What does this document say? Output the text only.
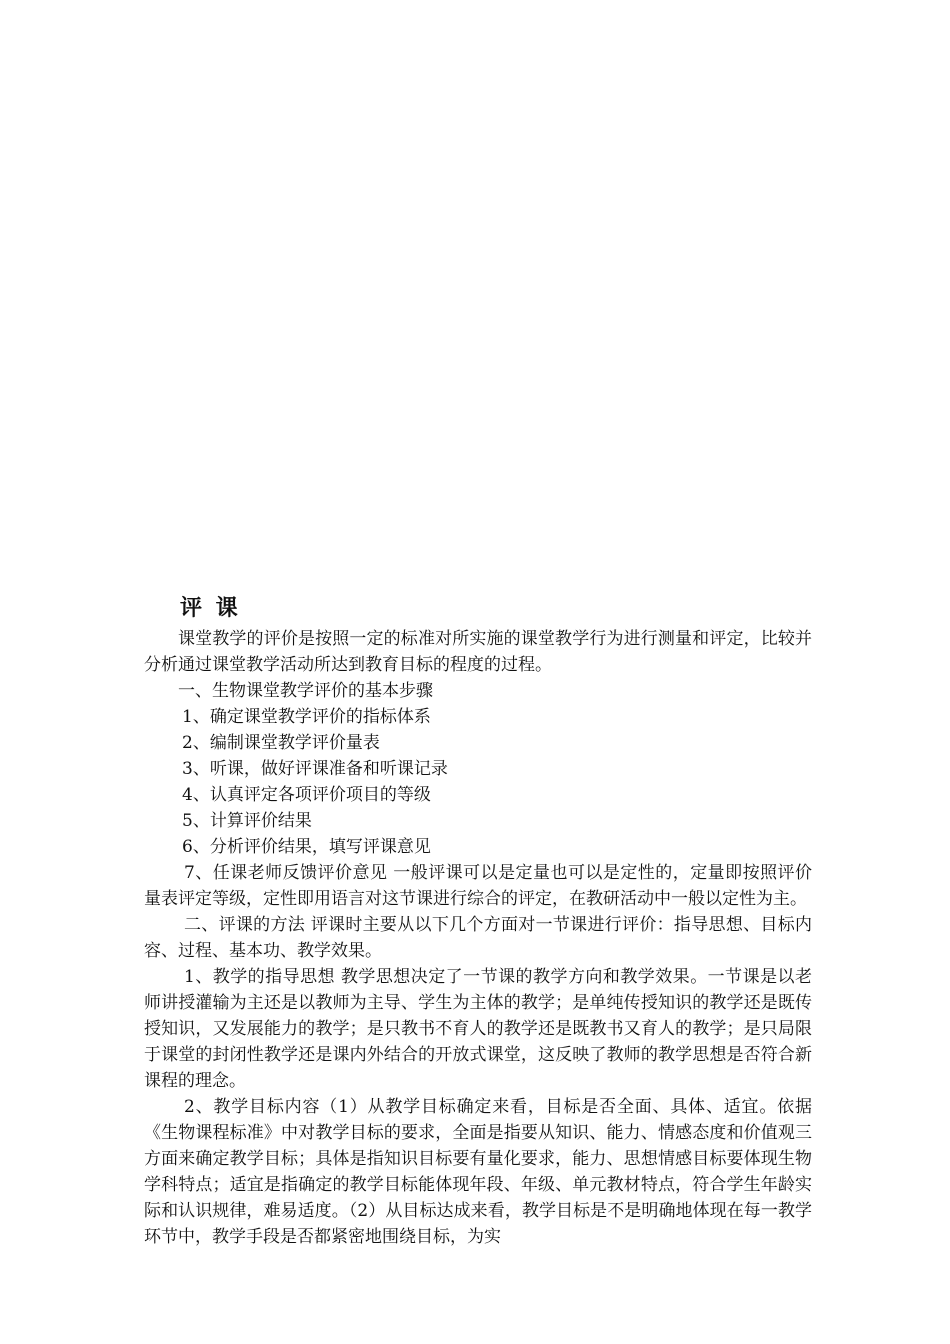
评 课

课堂教学的评价是按照一定的标准对所实施的课堂教学行为进行测量和评定，比较并分析通过课堂教学活动所达到教育目标的程度的过程。

一、生物课堂教学评价的基本步骤

1、确定课堂教学评价的指标体系

2、编制课堂教学评价量表

3、听课，做好评课准备和听课记录

4、认真评定各项评价项目的等级

5、计算评价结果

6、分析评价结果，填写评课意见

7、任课老师反馈评价意见 一般评课可以是定量也可以是定性的，定量即按照评价量表评定等级，定性即用语言对这节课进行综合的评定，在教研活动中一般以定性为主。

二、评课的方法 评课时主要从以下几个方面对一节课进行评价：指导思想、目标内容、过程、基本功、教学效果。

1、教学的指导思想 教学思想决定了一节课的教学方向和教学效果。一节课是以老师讲授灌输为主还是以教师为主导、学生为主体的教学；是单纯传授知识的教学还是既传授知识，又发展能力的教学；是只教书不育人的教学还是既教书又育人的教学；是只局限于课堂的封闭性教学还是课内外结合的开放式课堂，这反映了教师的教学思想是否符合新课程的理念。

2、教学目标内容（1）从教学目标确定来看，目标是否全面、具体、适宜。依据《生物课程标准》中对教学目标的要求，全面是指要从知识、能力、情感态度和价值观三方面来确定教学目标；具体是指知识目标要有量化要求，能力、思想情感目标要体现生物学科特点；适宜是指确定的教学目标能体现年段、年级、单元教材特点，符合学生年龄实际和认识规律，难易适度。（2）从目标达成来看，教学目标是不是明确地体现在每一教学环节中，教学手段是否都紧密地围绕目标，为实
